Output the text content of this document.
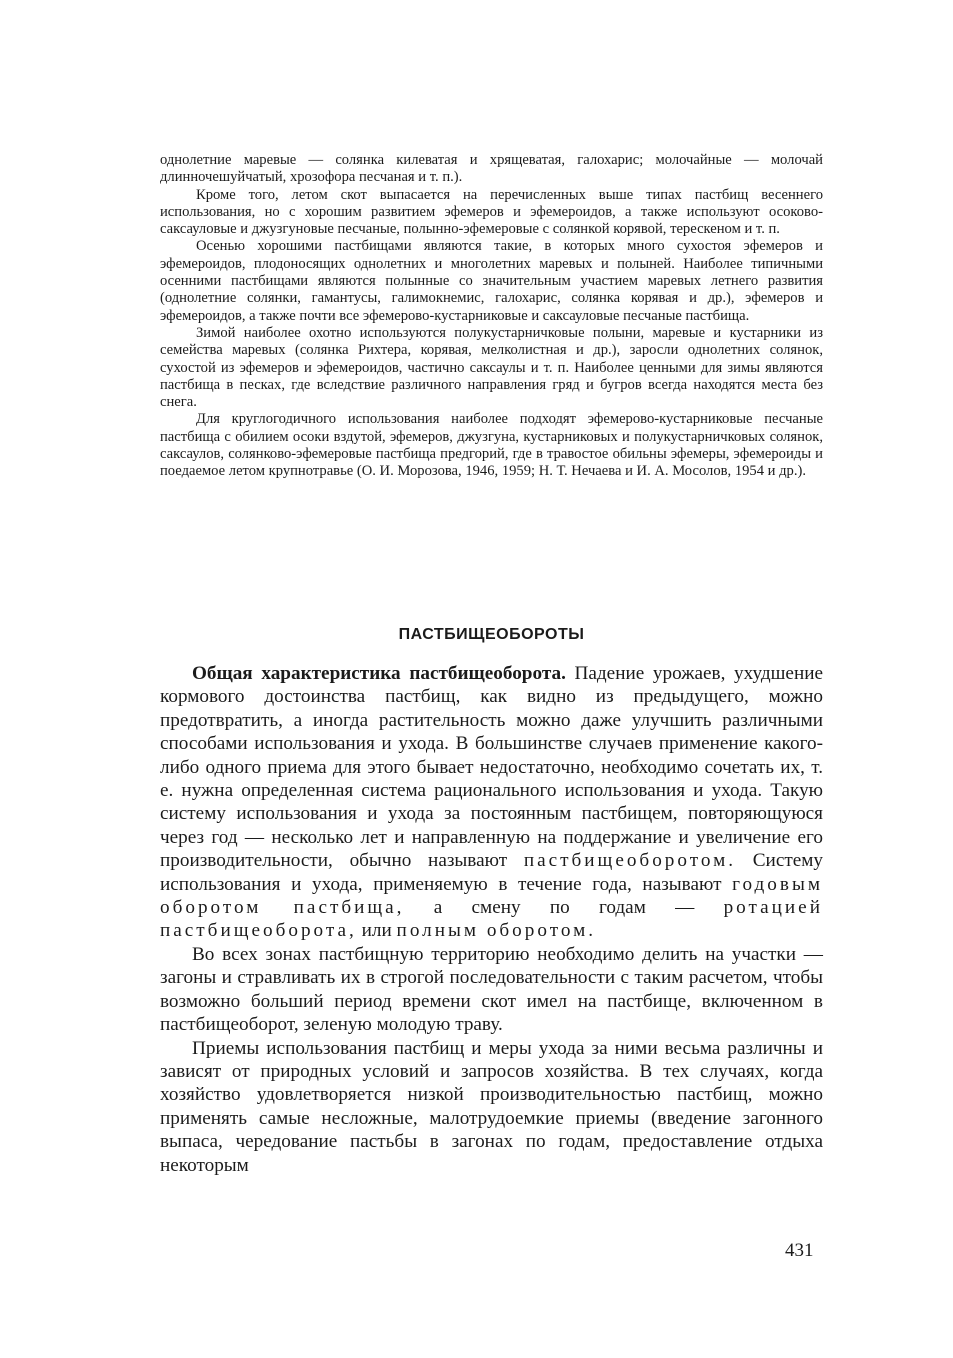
однолетние маревые — солянка килеватая и хрящеватая, галохарис; молочайные — молочай длинночешуйчатый, хрозофора песчаная и т. п.).

Кроме того, летом скот выпасается на перечисленных выше типах пастбищ весеннего использования, но с хорошим развитием эфемеров и эфемероидов, а также используют осоково-саксауловые и джузгуновые песчаные, полынно-эфемеровые с солянкой корявой, терескеном и т. п.

Осенью хорошими пастбищами являются такие, в которых много сухостоя эфемеров и эфемероидов, плодоносящих однолетних и многолетних маревых и полыней. Наиболее типичными осенними пастбищами являются полынные со значительным участием маревых летнего развития (однолетние солянки, гамантусы, галимокнемис, галохарис, солянка корявая и др.), эфемеров и эфемероидов, а также почти все эфемерово-кустарниковые и саксауловые песчаные пастбища.

Зимой наиболее охотно используются полукустарничковые полыни, маревые и кустарники из семейства маревых (солянка Рихтера, корявая, мелколистная и др.), заросли однолетних солянок, сухостой из эфемеров и эфемероидов, частично саксаулы и т. п. Наиболее ценными для зимы являются пастбища в песках, где вследствие различного направления гряд и бугров всегда находятся места без снега.

Для круглогодичного использования наиболее подходят эфемерово-кустарниковые песчаные пастбища с обилием осоки вздутой, эфемеров, джузгуна, кустарниковых и полукустарничковых солянок, саксаулов, солянково-эфемеровые пастбища предгорий, где в травостое обильны эфемеры, эфемероиды и поедаемое летом крупнотравье (О. И. Морозова, 1946, 1959; Н. Т. Нечаева и И. А. Мосолов, 1954 и др.).

ПАСТБИЩЕОБОРОТЫ

Общая характеристика пастбищеоборота. Падение урожаев, ухудшение кормового достоинства пастбищ, как видно из предыдущего, можно предотвратить, а иногда растительность можно даже улучшить различными способами использования и ухода. В большинстве случаев применение какого-либо одного приема для этого бывает недостаточно, необходимо сочетать их, т. е. нужна определенная система рационального использования и ухода. Такую систему использования и ухода за постоянным пастбищем, повторяющуюся через год — несколько лет и направленную на поддержание и увеличение его производительности, обычно называют пастбищеоборотом. Систему использования и ухода, применяемую в течение года, называют годовым оборотом пастбища, а смену по годам — ротацией пастбищеоборота, или полным оборотом.

Во всех зонах пастбищную территорию необходимо делить на участки — загоны и стравливать их в строгой последовательности с таким расчетом, чтобы возможно больший период времени скот имел на пастбище, включенном в пастбищеоборот, зеленую молодую траву.

Приемы использования пастбищ и меры ухода за ними весьма различны и зависят от природных условий и запросов хозяйства. В тех случаях, когда хозяйство удовлетворяется низкой производительностью пастбищ, можно применять самые несложные, малотрудоемкие приемы (введение загонного выпаса, чередование пастьбы в загонах по годам, предоставление отдыха некоторым

431
